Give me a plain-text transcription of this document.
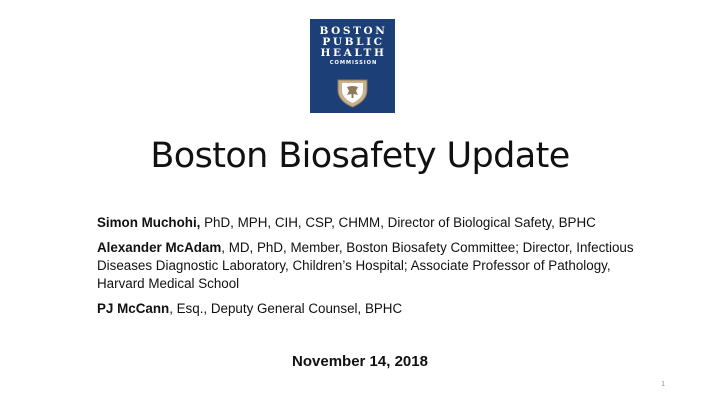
BOSTON
PUBLIC
HEALTH
COMMISSION
Boston Biosafety Update

Simon Muchohi, PhD, MPH, CIH, CSP, CHMM, Director of Biological Safety, BPHC

Alexander McAdam, MD, PhD, Member, Boston Biosafety Committee; Director, Infectious Diseases Diagnostic Laboratory, Children’s Hospital; Associate Professor of Pathology, Harvard Medical School

PJ McCann, Esq., Deputy General Counsel, BPHC

November 14, 2018
1
